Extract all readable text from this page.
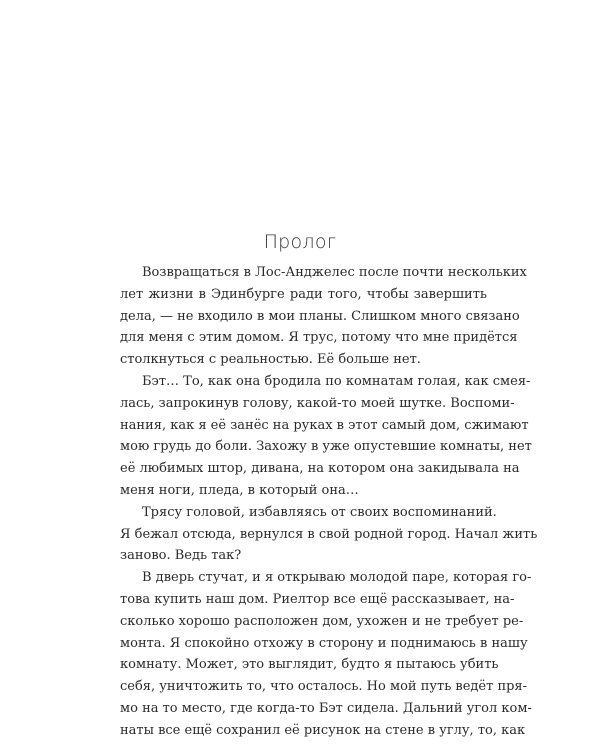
Пролог
Возвращаться в Лос-Анджелес после почти нескольких
лет жизни в Эдинбурге ради того, чтобы завершить
дела, — не входило в мои планы. Слишком много связано
для меня с этим домом. Я трус, потому что мне придётся
столкнуться с реальностью. Её больше нет.
Бэт… То, как она бродила по комнатам голая, как смея-
лась, запрокинув голову, какой-то моей шутке. Воспоми-
нания, как я её занёс на руках в этот самый дом, сжимают
мою грудь до боли. Захожу в уже опустевшие комнаты, нет
её любимых штор, дивана, на котором она закидывала на
меня ноги, пледа, в который она…
Трясу головой, избавляясь от своих воспоминаний.
Я бежал отсюда, вернулся в свой родной город. Начал жить
заново. Ведь так?
В дверь стучат, и я открываю молодой паре, которая го-
това купить наш дом. Риелтор все ещё рассказывает, на-
сколько хорошо расположен дом, ухожен и не требует ре-
монта. Я спокойно отхожу в сторону и поднимаюсь в нашу
комнату. Может, это выглядит, будто я пытаюсь убить
себя, уничтожить то, что осталось. Но мой путь ведёт пря-
мо на то место, где когда-то Бэт сидела. Дальний угол ком-
наты все ещё сохранил её рисунок на стене в углу, то, как
